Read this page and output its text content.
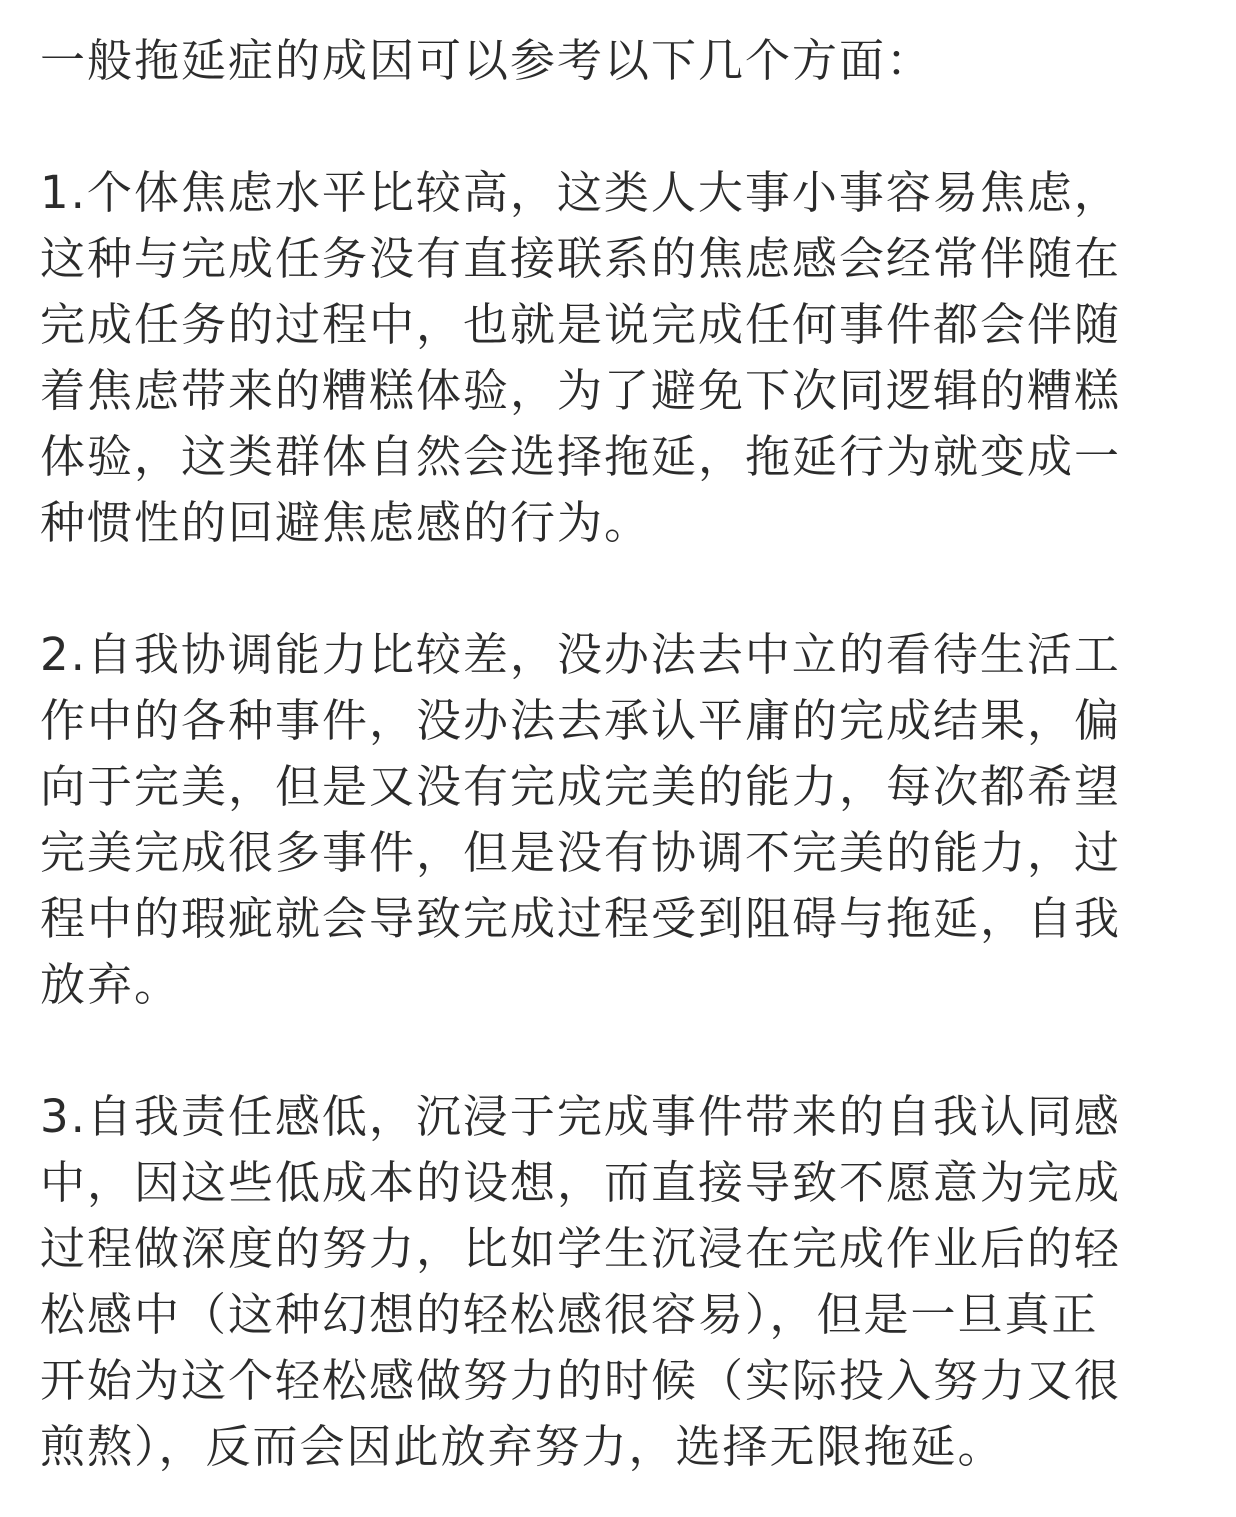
一般拖延症的成因可以参考以下几个方面：
1.个体焦虑水平比较高，这类人大事小事容易焦虑，
这种与完成任务没有直接联系的焦虑感会经常伴随在
完成任务的过程中，也就是说完成任何事件都会伴随
着焦虑带来的糟糕体验，为了避免下次同逻辑的糟糕
体验，这类群体自然会选择拖延，拖延行为就变成一
种惯性的回避焦虑感的行为。
2.自我协调能力比较差，没办法去中立的看待生活工
作中的各种事件，没办法去承认平庸的完成结果，偏
向于完美，但是又没有完成完美的能力，每次都希望
完美完成很多事件，但是没有协调不完美的能力，过
程中的瑕疵就会导致完成过程受到阻碍与拖延，自我
放弃。
3.自我责任感低，沉浸于完成事件带来的自我认同感
中，因这些低成本的设想，而直接导致不愿意为完成
过程做深度的努力，比如学生沉浸在完成作业后的轻
松感中（这种幻想的轻松感很容易），但是一旦真正
开始为这个轻松感做努力的时候（实际投入努力又很
煎熬），反而会因此放弃努力，选择无限拖延。
